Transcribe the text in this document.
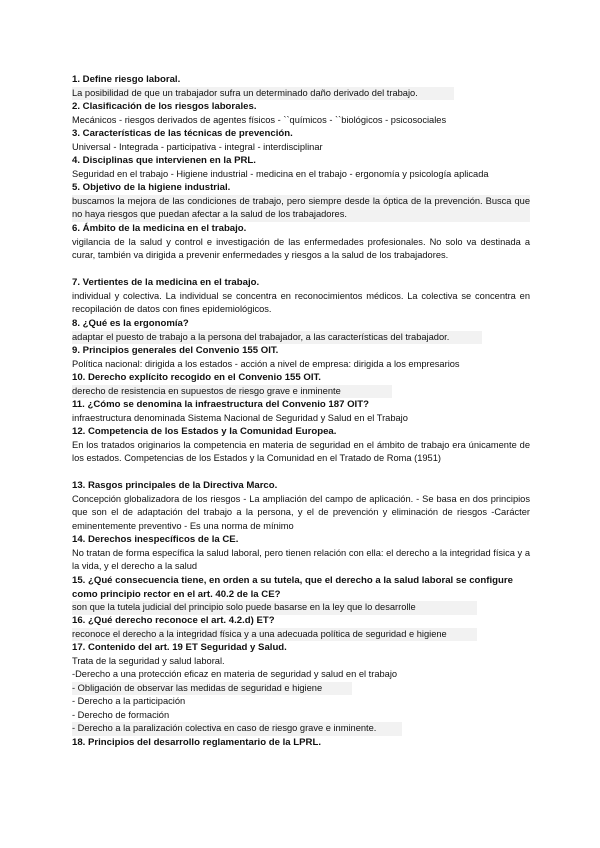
1. Define riesgo laboral.

La posibilidad de que un trabajador sufra un determinado daño derivado del trabajo.

2. Clasificación de los riesgos laborales.

Mecánicos - riesgos derivados de agentes físicos - ``químicos - ``biológicos - psicosociales

3. Características de las técnicas de prevención.

Universal - Integrada - participativa - integral - interdisciplinar

4. Disciplinas que intervienen en la PRL.

Seguridad en el trabajo - Higiene industrial - medicina en el trabajo - ergonomía y psicología aplicada

5. Objetivo de la higiene industrial.

buscamos la mejora de las condiciones de trabajo, pero siempre desde la óptica de la prevención. Busca que no haya riesgos que puedan afectar a la salud de los trabajadores.

6. Ámbito de la medicina en el trabajo.

vigilancia de la salud y control e investigación de las enfermedades profesionales. No solo va destinada a curar, también va dirigida a prevenir enfermedades y riesgos a la salud de los trabajadores.

7. Vertientes de la medicina en el trabajo.

individual y colectiva. La individual se concentra en reconocimientos médicos. La colectiva se concentra en recopilación de datos con fines epidemiológicos.

8. ¿Qué es la ergonomía?

adaptar el puesto de trabajo a la persona del trabajador, a las características del trabajador.

9. Principios generales del Convenio 155 OIT.

Política nacional: dirigida a los estados - acción a nivel de empresa: dirigida a los empresarios

10. Derecho explícito recogido en el Convenio 155 OIT.

derecho de resistencia en supuestos de riesgo grave e inminente

11. ¿Cómo se denomina la infraestructura del Convenio 187 OIT?

infraestructura denominada Sistema Nacional de Seguridad y Salud en el Trabajo

12. Competencia de los Estados y la Comunidad Europea.

En los tratados originarios la competencia en materia de seguridad en el ámbito de trabajo era únicamente de los estados. Competencias de los Estados y la Comunidad en el Tratado de Roma (1951)

13. Rasgos principales de la Directiva Marco.

Concepción globalizadora de los riesgos - La ampliación del campo de aplicación. - Se basa en dos principios que son el de adaptación del trabajo a la persona, y el de prevención y eliminación de riesgos -Carácter eminentemente preventivo - Es una norma de mínimo

14. Derechos inespecíficos de la CE.

No tratan de forma específica la salud laboral, pero tienen relación con ella: el derecho a la integridad física y a la vida, y el derecho a la salud

15. ¿Qué consecuencia tiene, en orden a su tutela, que el derecho a la salud laboral se configure como principio rector en el art. 40.2 de la CE?

son que la tutela judicial del principio solo puede basarse en la ley que lo desarrolle

16. ¿Qué derecho reconoce el art. 4.2.d) ET?

reconoce el derecho a la integridad física y a una adecuada política de seguridad e higiene

17. Contenido del art. 19 ET Seguridad y Salud.

Trata de la seguridad y salud laboral.

-Derecho a una protección eficaz en materia de seguridad y salud en el trabajo

- Obligación de observar las medidas de seguridad e higiene

- Derecho a la participación

- Derecho de formación

- Derecho a la paralización colectiva en caso de riesgo grave e inminente.

18. Principios del desarrollo reglamentario de la LPRL.
